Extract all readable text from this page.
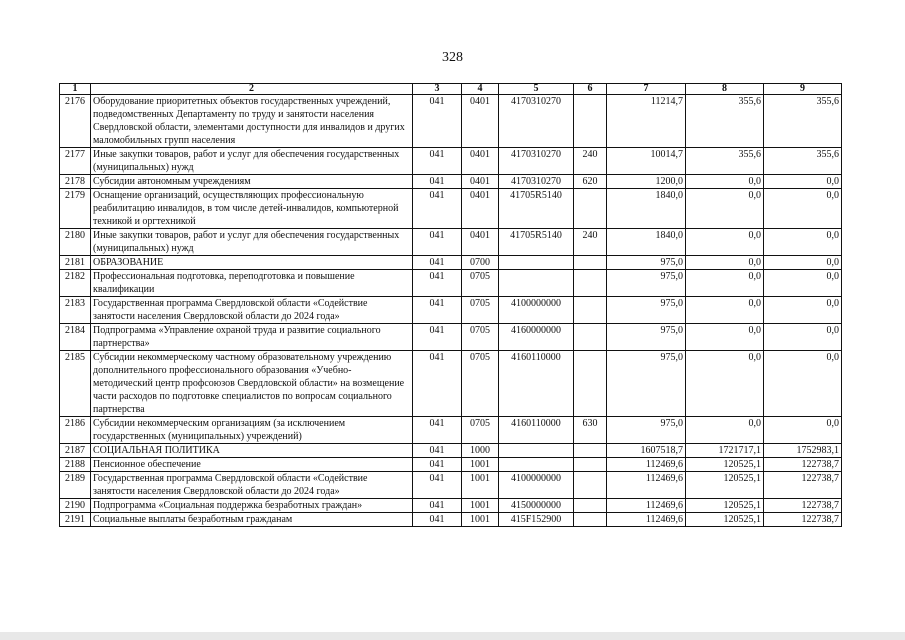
328
1	2	3	4	5	6	7	8	9
2176	Оборудование приоритетных объектов государственных учреждений, подведомственных Департаменту по труду и занятости населения Свердловской области, элементами доступности для инвалидов и других маломобильных групп населения	041	0401	4170310270		11214,7	355,6	355,6
2177	Иные закупки товаров, работ и услуг для обеспечения государственных (муниципальных) нужд	041	0401	4170310270	240	10014,7	355,6	355,6
2178	Субсидии автономным учреждениям	041	0401	4170310270	620	1200,0	0,0	0,0
2179	Оснащение организаций, осуществляющих профессиональную реабилитацию инвалидов, в том числе детей-инвалидов, компьютерной техникой и оргтехникой	041	0401	41705R5140		1840,0	0,0	0,0
2180	Иные закупки товаров, работ и услуг для обеспечения государственных (муниципальных) нужд	041	0401	41705R5140	240	1840,0	0,0	0,0
2181	ОБРАЗОВАНИЕ	041	0700			975,0	0,0	0,0
2182	Профессиональная подготовка, переподготовка и повышение квалификации	041	0705			975,0	0,0	0,0
2183	Государственная программа Свердловской области «Содействие занятости населения Свердловской области до 2024 года»	041	0705	4100000000		975,0	0,0	0,0
2184	Подпрограмма «Управление охраной труда и развитие социального партнерства»	041	0705	4160000000		975,0	0,0	0,0
2185	Субсидии некоммерческому частному образовательному учреждению дополнительного профессионального образования «Учебно-методический центр профсоюзов Свердловской области» на возмещение части расходов по подготовке специалистов по вопросам социального партнерства	041	0705	4160110000		975,0	0,0	0,0
2186	Субсидии некоммерческим организациям (за исключением государственных (муниципальных) учреждений)	041	0705	4160110000	630	975,0	0,0	0,0
2187	СОЦИАЛЬНАЯ ПОЛИТИКА	041	1000			1607518,7	1721717,1	1752983,1
2188	Пенсионное обеспечение	041	1001			112469,6	120525,1	122738,7
2189	Государственная программа Свердловской области «Содействие занятости населения Свердловской области до 2024 года»	041	1001	4100000000		112469,6	120525,1	122738,7
2190	Подпрограмма «Социальная поддержка безработных граждан»	041	1001	4150000000		112469,6	120525,1	122738,7
2191	Социальные выплаты безработным гражданам	041	1001	415F152900		112469,6	120525,1	122738,7
